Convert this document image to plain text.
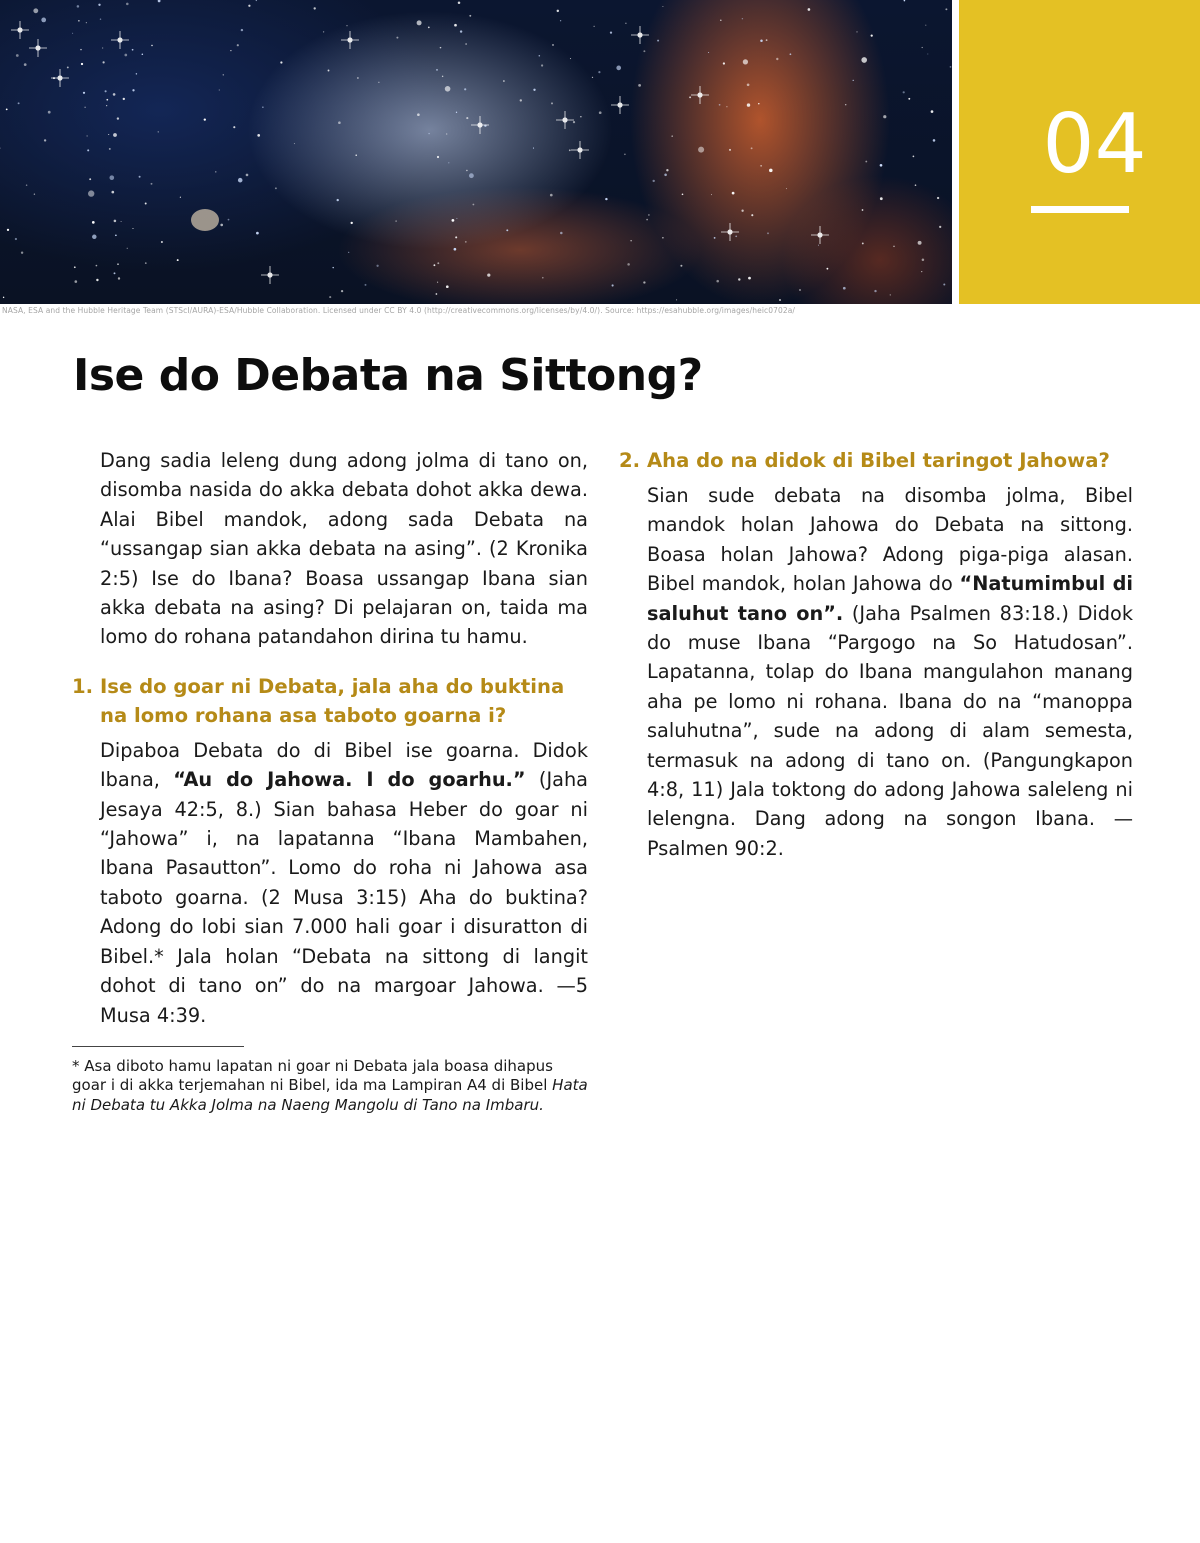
NASA, ESA and the Hubble Heritage Team (STScI/AURA)-ESA/Hubble Collaboration. Licensed under CC BY 4.0 (http://creativecommons.org/licenses/by/4.0/). Source: https://esahubble.org/images/heic0702a/
04
Ise do Debata na Sittong?

Dang sadia leleng dung adong jolma di tano on, disomba nasida do akka debata dohot akka dewa. Alai Bibel mandok, adong sada Debata na “ussangap sian akka debata na asing”. (2 Kronika 2:5) Ise do Ibana? Boasa ussangap Ibana sian akka debata na asing? Di pelajaran on, taida ma lomo do rohana patandahon dirina tu hamu.

1. Ise do goar ni Debata, jala aha do buktina na lomo rohana asa taboto goarna i?

Dipaboa Debata do di Bibel ise goarna. Didok Ibana, “Au do Jahowa. I do goarhu.” (Jaha Jesaya 42:5, 8.) Sian bahasa Heber do goar ni “Jahowa” i, na lapatanna “Ibana Mambahen, Ibana Pasautton”. Lomo do roha ni Jahowa asa taboto goarna. (2 Musa 3:15) Aha do buktina? Adong do lobi sian 7.000 hali goar i disuratton di Bibel.* Jala holan “Debata na sittong di langit dohot di tano on” do na margoar Jahowa. —5 Musa 4:39.

* Asa diboto hamu lapatan ni goar ni Debata jala boasa dihapus goar i di akka terjemahan ni Bibel, ida ma Lampiran A4 di Bibel Hata ni Debata tu Akka Jolma na Naeng Mangolu di Tano na Imbaru.

2. Aha do na didok di Bibel taringot Jahowa?

Sian sude debata na disomba jolma, Bibel mandok holan Jahowa do Debata na sittong. Boasa holan Jahowa? Adong piga-piga alasan. Bibel mandok, holan Jahowa do “Natumimbul di saluhut tano on”. (Jaha Psalmen 83:18.) Didok do muse Ibana “Pargogo na So Hatudosan”. Lapatanna, tolap do Ibana mangulahon manang aha pe lomo ni rohana. Ibana do na “manoppa saluhutna”, sude na adong di alam semesta, termasuk na adong di tano on. (Pangungkapon 4:8, 11) Jala toktong do adong Jahowa saleleng ni lelengna. Dang adong na songon Ibana. —Psalmen 90:2.
